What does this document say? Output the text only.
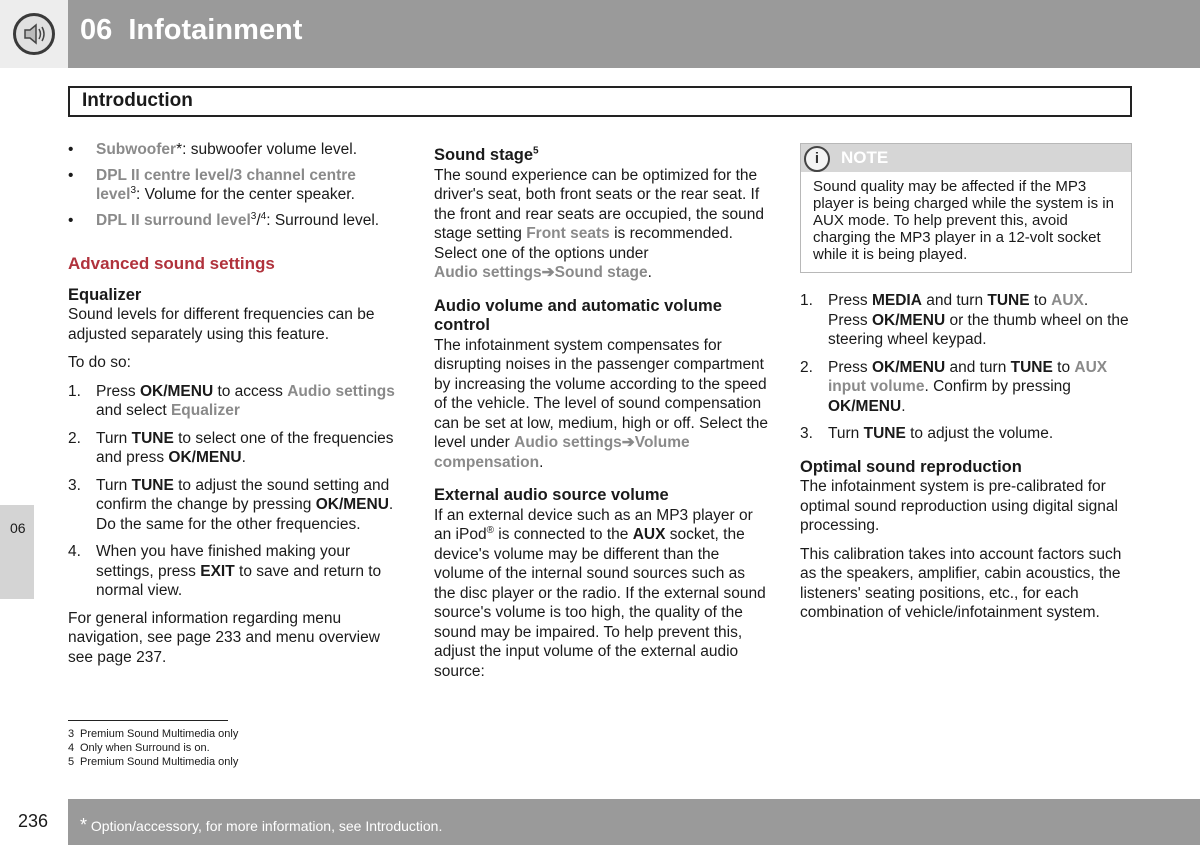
06  Infotainment
Introduction
06
•	Subwoofer*: subwoofer volume level.
•	DPL II centre level/3 channel centre level$^3$: Volume for the center speaker.
•	DPL II surround level$^3$/$^4$: Surround level.
Advanced sound settings
Equalizer

Sound levels for different frequencies can be adjusted separately using this feature.

To do so:

1. Press OK/MENU to access Audio settings and select Equalizer
2. Turn TUNE to select one of the frequencies and press OK/MENU.
3. Turn TUNE to adjust the sound setting and confirm the change by pressing OK/MENU. Do the same for the other frequencies.
4. When you have finished making your settings, press EXIT to save and return to normal view.

For general information regarding menu navigation, see page 233 and menu overview see page 237.

Sound stage$^5$

The sound experience can be optimized for the driver's seat, both front seats or the rear seat. If the front and rear seats are occupied, the sound stage setting Front seats is recommended. Select one of the options under
Audio settings➔Sound stage.

Audio volume and automatic volume control

The infotainment system compensates for disrupting noises in the passenger compartment by increasing the volume according to the speed of the vehicle. The level of sound compensation can be set at low, medium, high or off. Select the level under Audio settings➔Volume compensation.

External audio source volume

If an external device such as an MP3 player or an iPod® is connected to the AUX socket, the device's volume may be different than the volume of the internal sound sources such as the disc player or the radio. If the external sound source's volume is too high, the quality of the sound may be impaired. To help prevent this, adjust the input volume of the external audio source:

i	NOTE
Sound quality may be affected if the MP3 player is being charged while the system is in AUX mode. To help prevent this, avoid charging the MP3 player in a 12-volt socket while it is being played.
1. Press MEDIA and turn TUNE to AUX. Press OK/MENU or the thumb wheel on the steering wheel keypad.
2. Press OK/MENU and turn TUNE to AUX input volume. Confirm by pressing OK/MENU.
3. Turn TUNE to adjust the volume.
Optimal sound reproduction

The infotainment system is pre-calibrated for optimal sound reproduction using digital signal processing.

This calibration takes into account factors such as the speakers, amplifier, cabin acoustics, the listeners' seating positions, etc., for each combination of vehicle/infotainment system.

3 Premium Sound Multimedia only
4 Only when Surround is on.
5 Premium Sound Multimedia only
236 * Option/accessory, for more information, see Introduction.
